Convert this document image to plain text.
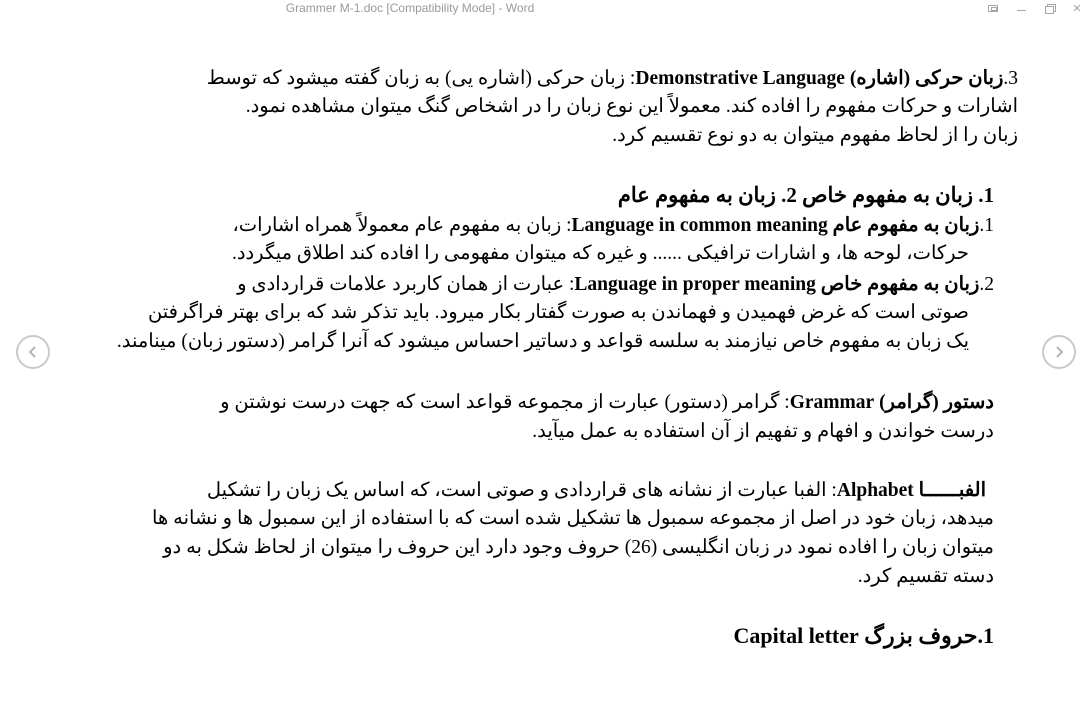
Grammer M-1.doc [Compatibility Mode] - Word	✕
3.زبان حرکی (اشاره) Demonstrative Language: زبان حرکی (اشاره یی) به زبان گفته میشود که توسط
اشارات و حرکات مفهوم را افاده کند. معمولاً این نوع زبان را در اشخاص گنگ میتوان مشاهده نمود.
زبان را از لحاظ مفهوم میتوان به دو نوع تقسیم کرد.
1. زبان به مفهوم خاص 2. زبان به مفهوم عام
1.زبان به مفهوم عام Language in common meaning: زبان به مفهوم عام معمولاً همراه اشارات،
حرکات، لوحه ها، و اشارات ترافیکی ...... و غیره که میتوان مفهومی را افاده کند اطلاق میگردد.
2.زبان به مفهوم خاص Language in proper meaning: عبارت از همان کاربرد علامات قراردادی و
صوتی است که غرض فهمیدن و فهماندن به صورت گفتار بکار میرود. باید تذکر شد که برای بهتر فراگرفتن
یک زبان به مفهوم خاص نیازمند به سلسه قواعد و دساتیر احساس میشود که آنرا گرامر (دستور زبان) مینامند.
دستور (گرامر) Grammar: گرامر (دستور) عبارت از مجموعه قواعد است که جهت درست نوشتن و
درست خواندن و افهام و تفهیم از آن استفاده به عمل میآید.
الفبــــــا Alphabet: الفبا عبارت از نشانه های قراردادی و صوتی است، که اساس یک زبان را تشکیل
میدهد، زبان خود در اصل از مجموعه سمبول ها تشکیل شده است که با استفاده از این سمبول ها و نشانه ها
میتوان زبان را افاده نمود در زبان انگلیسی (26) حروف وجود دارد این حروف را میتوان از لحاظ شکل به دو
دسته تقسیم کرد.
1.حروف بزرگ Capital letter
